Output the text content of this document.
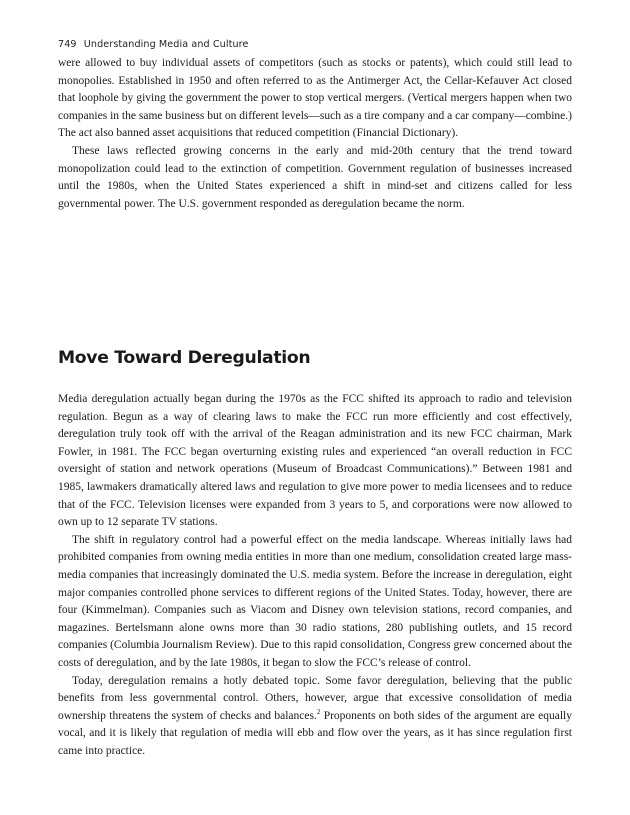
749 Understanding Media and Culture

were allowed to buy individual assets of competitors (such as stocks or patents), which could still lead to monopolies. Established in 1950 and often referred to as the Antimerger Act, the Cellar-Kefauver Act closed that loophole by giving the government the power to stop vertical mergers. (Vertical mergers happen when two companies in the same business but on different levels—such as a tire company and a car company—combine.) The act also banned asset acquisitions that reduced competition (Financial Dictionary).

These laws reflected growing concerns in the early and mid-20th century that the trend toward monopolization could lead to the extinction of competition. Government regulation of businesses increased until the 1980s, when the United States experienced a shift in mind-set and citizens called for less governmental power. The U.S. government responded as deregulation became the norm.

Move Toward Deregulation

Media deregulation actually began during the 1970s as the FCC shifted its approach to radio and television regulation. Begun as a way of clearing laws to make the FCC run more efficiently and cost effectively, deregulation truly took off with the arrival of the Reagan administration and its new FCC chairman, Mark Fowler, in 1981. The FCC began overturning existing rules and experienced “an overall reduction in FCC oversight of station and network operations (Museum of Broadcast Communications).” Between 1981 and 1985, lawmakers dramatically altered laws and regulation to give more power to media licensees and to reduce that of the FCC. Television licenses were expanded from 3 years to 5, and corporations were now allowed to own up to 12 separate TV stations.

The shift in regulatory control had a powerful effect on the media landscape. Whereas initially laws had prohibited companies from owning media entities in more than one medium, consolidation created large mass-media companies that increasingly dominated the U.S. media system. Before the increase in deregulation, eight major companies controlled phone services to different regions of the United States. Today, however, there are four (Kimmelman). Companies such as Viacom and Disney own television stations, record companies, and magazines. Bertelsmann alone owns more than 30 radio stations, 280 publishing outlets, and 15 record companies (Columbia Journalism Review). Due to this rapid consolidation, Congress grew concerned about the costs of deregulation, and by the late 1980s, it began to slow the FCC’s release of control.

Today, deregulation remains a hotly debated topic. Some favor deregulation, believing that the public benefits from less governmental control. Others, however, argue that excessive consolidation of media ownership threatens the system of checks and balances.$^2$ Proponents on both sides of the argument are equally vocal, and it is likely that regulation of media will ebb and flow over the years, as it has since regulation first came into practice.
